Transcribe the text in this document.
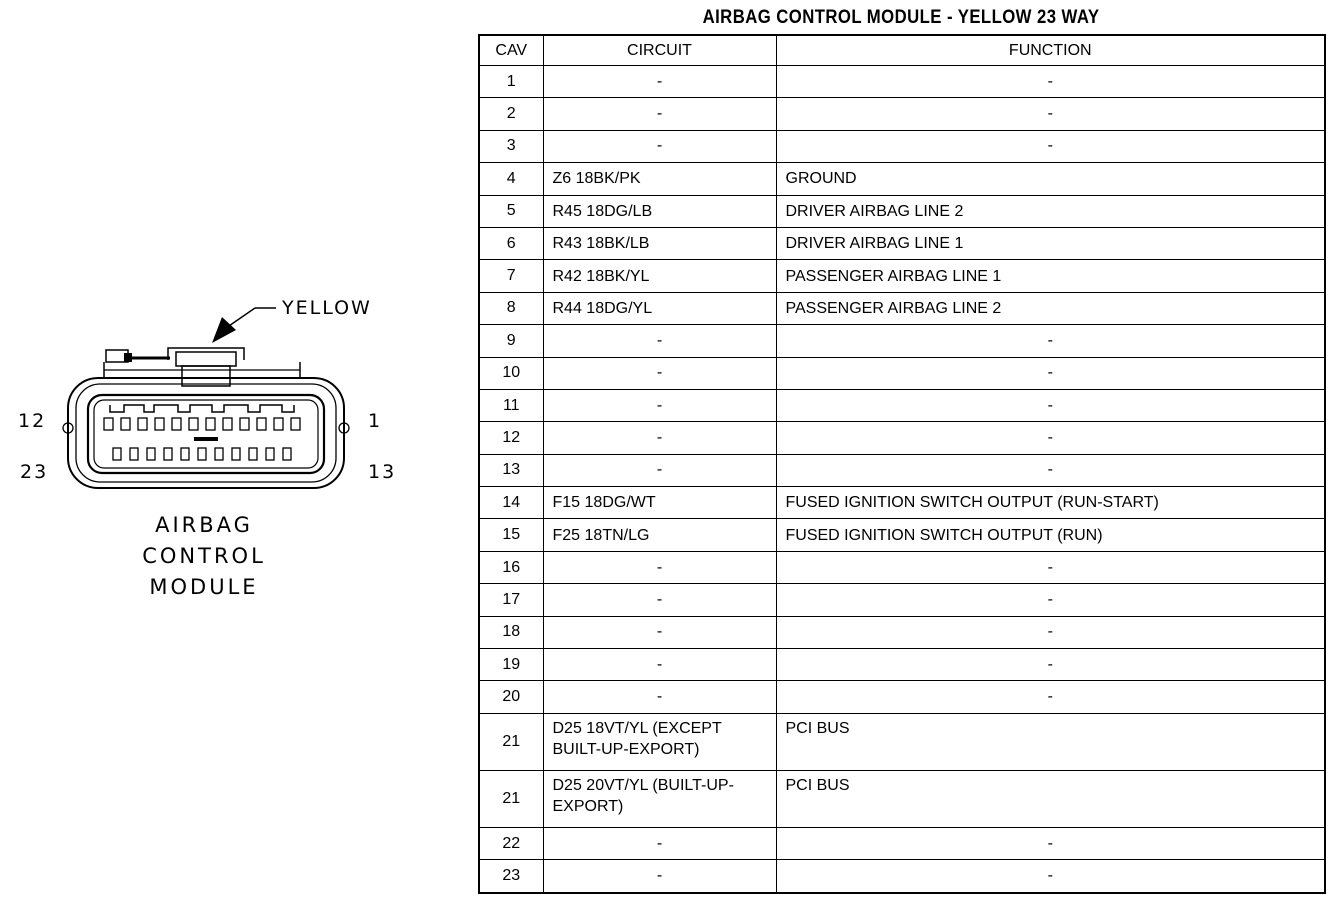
YELLOW
12	1
23	13
AIRBAG
CONTROL
MODULE
AIRBAG CONTROL MODULE - YELLOW 23 WAY
CAV	CIRCUIT	FUNCTION
1	-	-
2	-	-
3	-	-
4	Z6 18BK/PK	GROUND
5	R45 18DG/LB	DRIVER AIRBAG LINE 2
6	R43 18BK/LB	DRIVER AIRBAG LINE 1
7	R42 18BK/YL	PASSENGER AIRBAG LINE 1
8	R44 18DG/YL	PASSENGER AIRBAG LINE 2
9	-	-
10	-	-
11	-	-
12	-	-
13	-	-
14	F15 18DG/WT	FUSED IGNITION SWITCH OUTPUT (RUN-START)
15	F25 18TN/LG	FUSED IGNITION SWITCH OUTPUT (RUN)
16	-	-
17	-	-
18	-	-
19	-	-
20	-	-
21	D25 18VT/YL (EXCEPT BUILT-UP-EXPORT)	PCI BUS
21	D25 20VT/YL (BUILT-UP-EXPORT)	PCI BUS
22	-	-
23	-	-
